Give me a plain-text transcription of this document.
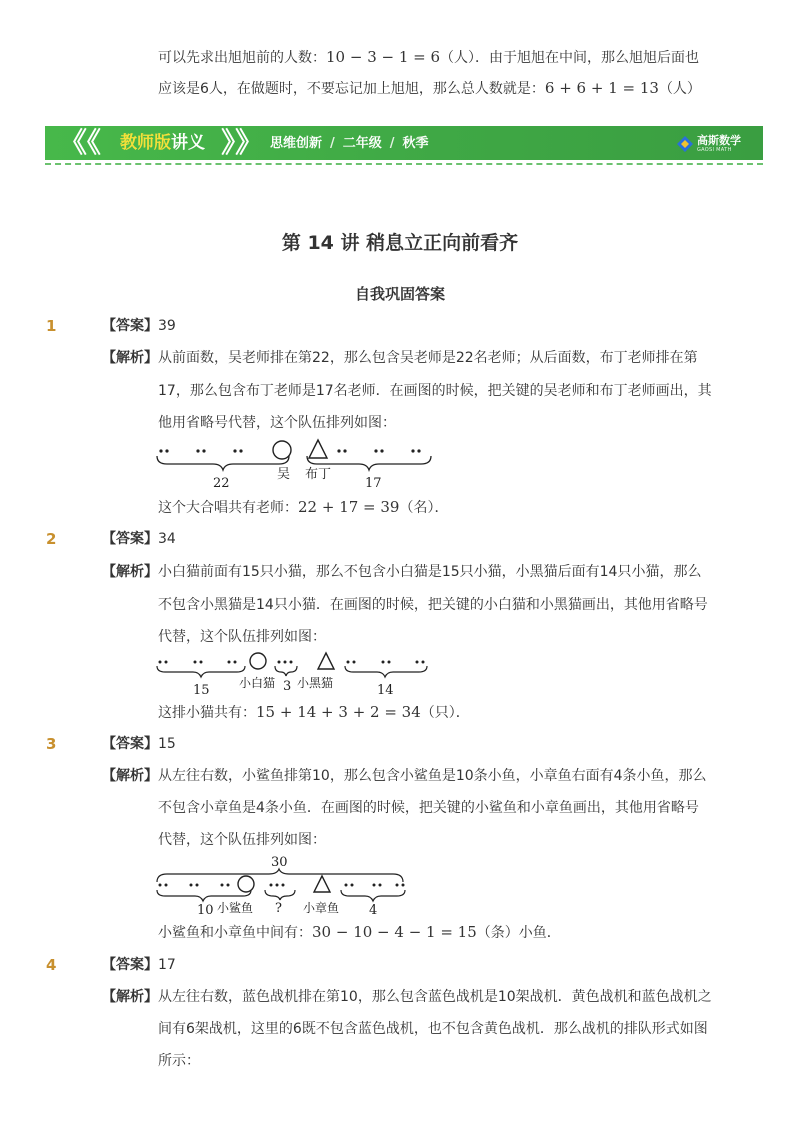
可以先求出旭旭前的人数：10 − 3 − 1 = 6（人）．由于旭旭在中间，那么旭旭后面也
应该是6人，在做题时，不要忘记加上旭旭，那么总人数就是：6 + 6 + 1 = 13（人）
《《 教师版讲义 》》 思维创新 / 二年级 / 秋季	高斯数学
GAOSI MATH
第 14 讲 稍息立正向前看齐
自我巩固答案
1	【答案】 39
【解析】 从前面数，吴老师排在第22，那么包含吴老师是22名老师；从后面数，布丁老师排在第
17，那么包含布丁老师是17名老师．在画图的时候，把关键的吴老师和布丁老师画出，其
他用省略号代替，这个队伍排列如图：
22
吴 布丁
17
这个大合唱共有老师：22 + 17 = 39（名）．
2	【答案】 34
【解析】 小白猫前面有15只小猫，那么不包含小白猫是15只小猫，小黑猫后面有14只小猫，那么
不包含小黑猫是14只小猫．在画图的时候，把关键的小白猫和小黑猫画出，其他用省略号
代替，这个队伍排列如图：
15 小白猫 3 小黑猫	14
这排小猫共有：15 + 14 + 3 + 2 = 34（只）．
3	【答案】 15
【解析】 从左往右数，小鲨鱼排第10，那么包含小鲨鱼是10条小鱼，小章鱼右面有4条小鱼，那么
不包含小章鱼是4条小鱼．在画图的时候，把关键的小鲨鱼和小章鱼画出，其他用省略号
代替，这个队伍排列如图：
30
10 小鲨鱼 ? 小章鱼 4
小鲨鱼和小章鱼中间有：30 − 10 − 4 − 1 = 15（条）小鱼．
4	【答案】 17
【解析】 从左往右数，蓝色战机排在第10，那么包含蓝色战机是10架战机．黄色战机和蓝色战机之
间有6架战机，这里的6既不包含蓝色战机，也不包含黄色战机．那么战机的排队形式如图
所示：
